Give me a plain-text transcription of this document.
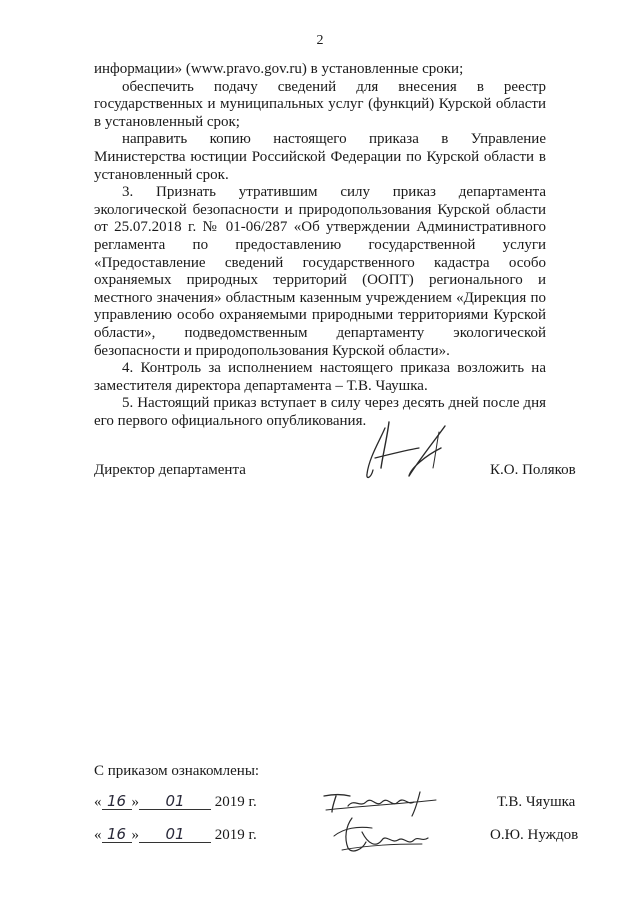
2

информации» (www.pravo.gov.ru) в установленные сроки;

обеспечить подачу сведений для внесения в реестр государственных и муниципальных услуг (функций) Курской области в установленный срок;

направить копию настоящего приказа в Управление Министерства юстиции Российской Федерации по Курской области в установленный срок.

3. Признать утратившим силу приказ департамента экологической безопасности и природопользования Курской области от 25.07.2018 г. № 01-06/287 «Об утверждении Административного регламента по предоставлению государственной услуги «Предоставление сведений государственного кадастра особо охраняемых природных территорий (ООПТ) регионального и местного значения» областным казенным учреждением «Дирекция по управлению особо охраняемыми природными территориями Курской области», подведомственным департаменту экологической безопасности и природопользования Курской области».

4. Контроль за исполнением настоящего приказа возложить на заместителя директора департамента – Т.В. Чаушка.

5. Настоящий приказ вступает в силу через десять дней после дня его первого официального опубликования.

Директор департамента	К.О. Поляков
С приказом ознакомлены:
« 16 » 01 2019 г.	Т.В. Чяушка
« 16 » 01 2019 г.	О.Ю. Нуждов
